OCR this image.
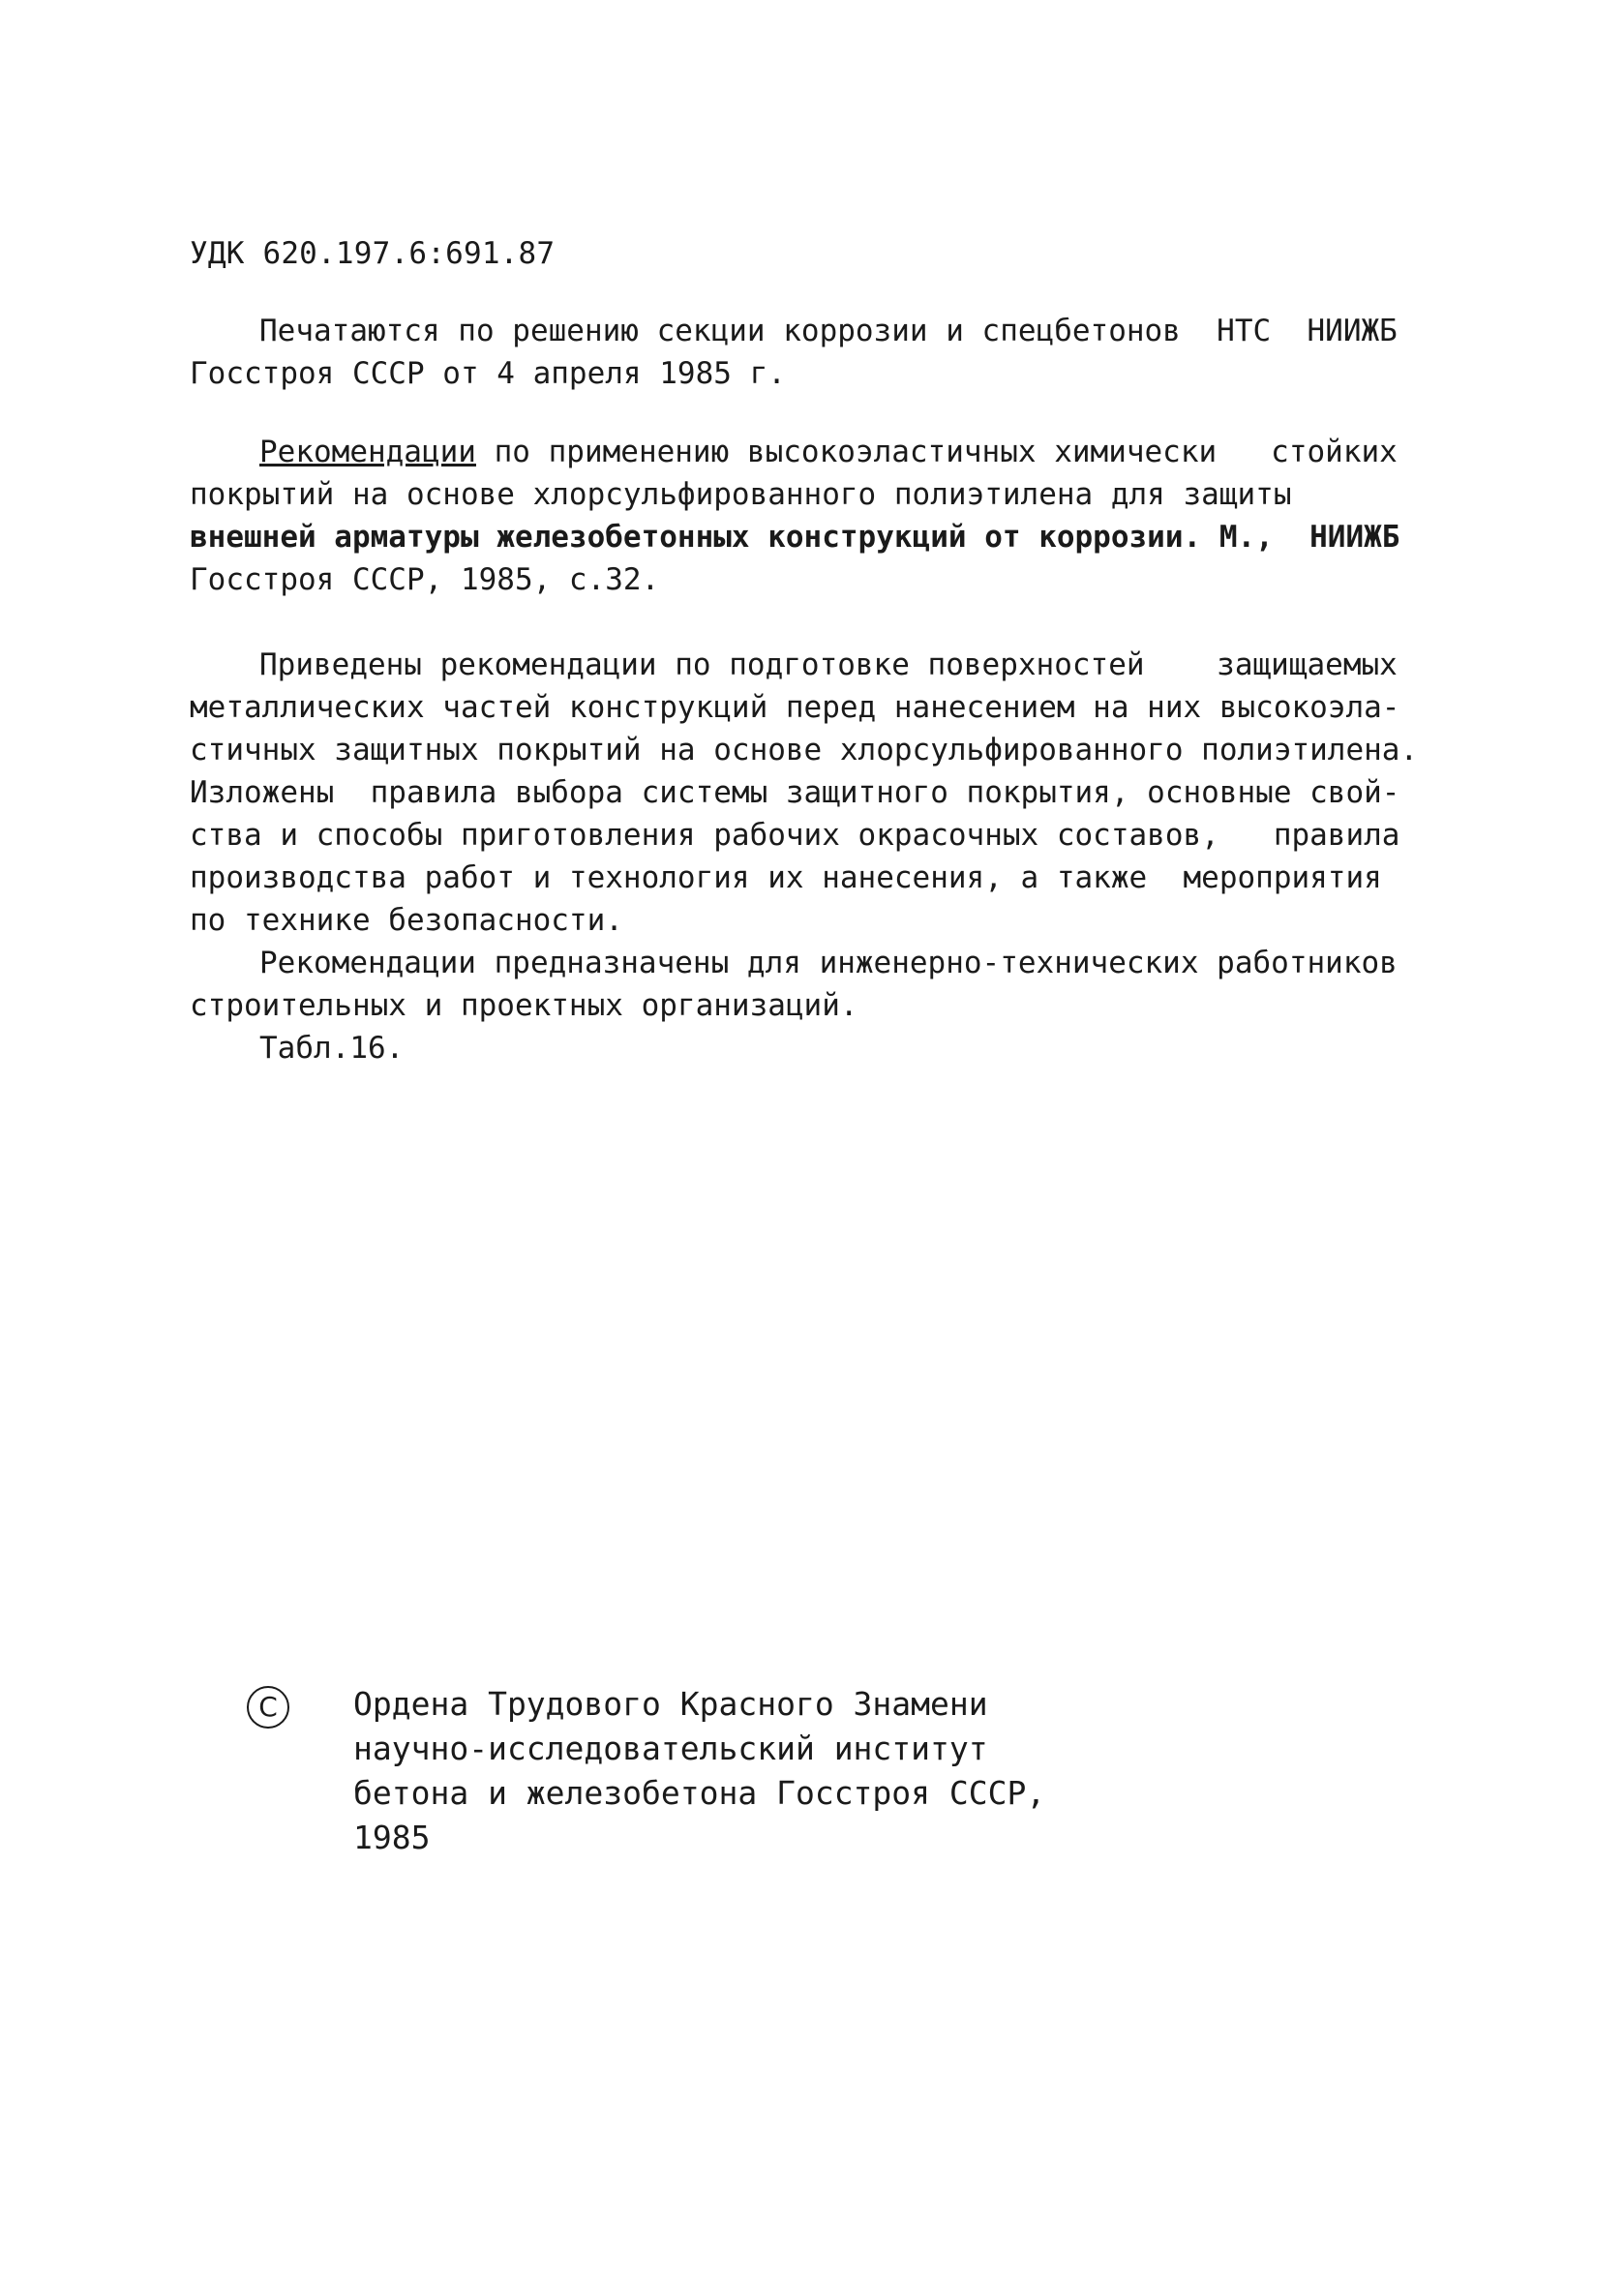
УДК 620.197.6:691.87
Печатаются по решению секции коррозии и спецбетонов  НТС  НИИЖБ
Госстроя СССР от 4 апреля 1985 г.
Рекомендации по применению высокоэластичных химически   стойких
покрытий на основе хлорсульфированного полиэтилена для защиты
внешней арматуры железобетонных конструкций от коррозии. М.,  НИИЖБ
Госстроя СССР, 1985, с.32.
Приведены рекомендации по подготовке поверхностей    защищаемых
металлических частей конструкций перед нанесением на них высокоэла-
стичных защитных покрытий на основе хлорсульфированного полиэтилена.
Изложены  правила выбора системы защитного покрытия, основные свой-
ства и способы приготовления рабочих окрасочных составов,   правила
производства работ и технология их нанесения, а также  мероприятия
по технике безопасности.
Рекомендации предназначены для инженерно-технических работников
строительных и проектных организаций.
Табл.16.
C Ордена Трудового Красного Знамени
научно-исследовательский институт
бетона и железобетона Госстроя СССР,
1985
